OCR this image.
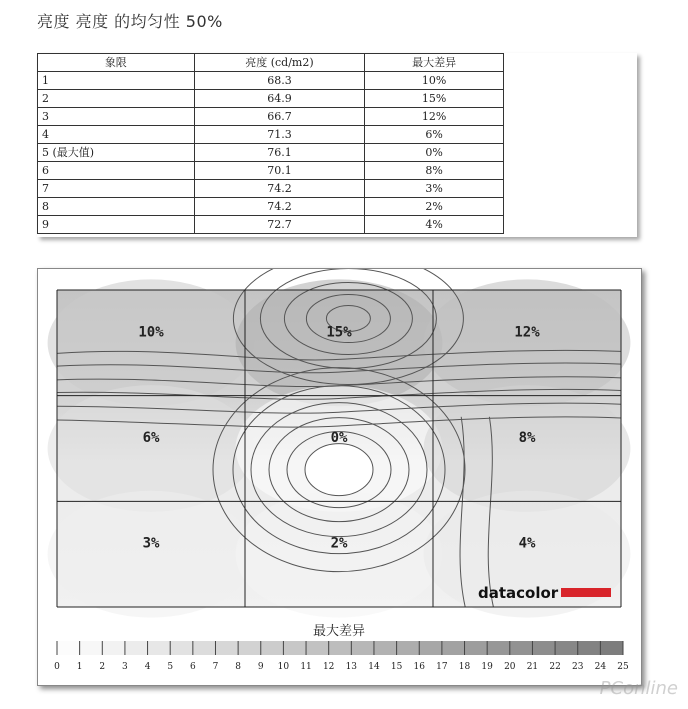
亮度 亮度 的均匀性 50%
象限	亮度 (cd/m2)	最大差异
1	68.3	10%
2	64.9	15%
3	66.7	12%
4	71.3	6%
5 (最大值)	76.1	0%
6	70.1	8%
7	74.2	3%
8	74.2	2%
9	72.7	4%
10%	15%	12%
6%	0%	8%
3%	2%	4%
datacolor
最大差异
0 1 2 3 4 5 6 7 8 9 10 11 12 13 14 15 16 17 18 19 20 21 22 23 24 25
PConline
